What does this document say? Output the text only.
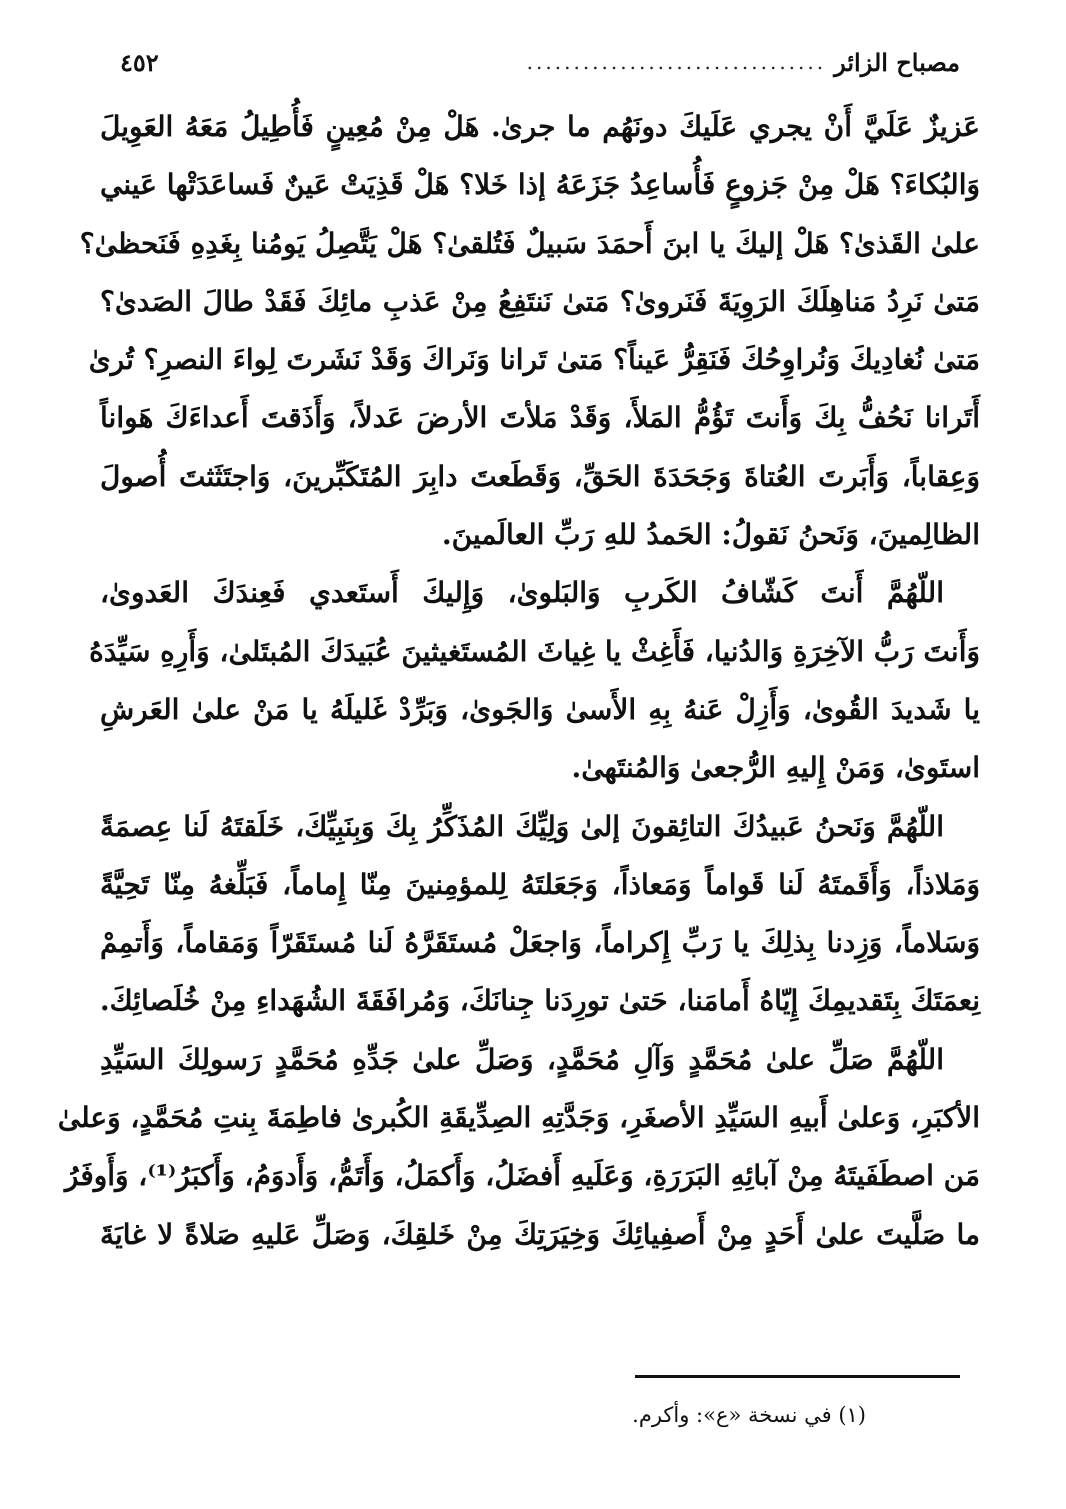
مصباح الزائر
................................
٤٥٢
عَزيزٌ عَلَيَّ أَنْ يجري عَلَيكَ دونَهُم ما جرىٰ. هَلْ مِنْ مُعِينٍ فَأُطِيلُ مَعَهُ العَوِيلَ
وَالبُكاءَ؟ هَلْ مِنْ جَزوعٍ فَأُساعِدُ جَزَعَهُ إذا خَلا؟ هَلْ قَذِيَتْ عَينٌ فَساعَدَتْها عَيني
علىٰ القَذىٰ؟ هَلْ إليكَ يا ابنَ أَحمَدَ سَبيلٌ فَتُلقىٰ؟ هَلْ يَتَّصِلُ يَومُنا بِغَدِهِ فَنَحظىٰ؟
مَتىٰ نَرِدُ مَناهِلَكَ الرَوِيَةَ فَنَروىٰ؟ مَتىٰ نَنتَفِعُ مِنْ عَذبِ مائِكَ فَقَدْ طالَ الصَدىٰ؟
مَتىٰ نُغادِيكَ وَنُراوِحُكَ فَنَقِرُّ عَيناً؟ مَتىٰ تَرانا وَنَراكَ وَقَدْ نَشَرتَ لِواءَ النصرِ؟ تُرىٰ
أَتَرانا نَحُفُّ بِكَ وَأَنتَ تَؤُمُّ المَلأَ، وَقَدْ مَلأتَ الأرضَ عَدلاً، وَأَذَقتَ أَعداءَكَ هَواناً
وَعِقاباً، وَأَبَرتَ العُتاةَ وَجَحَدَةَ الحَقِّ، وَقَطَعتَ دابِرَ المُتَكَبِّرينَ، وَاجتَثَثتَ أُصولَ
الظالِمينَ، وَنَحنُ نَقولُ: الحَمدُ للهِ رَبِّ العالَمينَ.
اللّهُمَّ أَنتَ كَشّافُ الكَربِ وَالبَلوىٰ، وَإِليكَ أَستَعدي فَعِندَكَ العَدوىٰ،
وَأَنتَ رَبُّ الآخِرَةِ وَالدُنيا، فَأَغِثْ يا غِياثَ المُستَغيثينَ عُبَيدَكَ المُبتَلىٰ، وَأَرِهِ سَيِّدَهُ
يا شَديدَ القُوىٰ، وَأَزِلْ عَنهُ بِهِ الأَسىٰ وَالجَوىٰ، وَبَرِّدْ غَليلَهُ يا مَنْ علىٰ العَرشِ
استَوىٰ، وَمَنْ إِليهِ الرُّجعىٰ وَالمُنتَهىٰ.
اللّهُمَّ وَنَحنُ عَبيدُكَ التائِقونَ إلىٰ وَلِيِّكَ المُذَكِّرُ بِكَ وَبِنَبِيِّكَ، خَلَقتَهُ لَنا عِصمَةً
وَمَلاذاً، وَأَقَمتَهُ لَنا قَواماً وَمَعاذاً، وَجَعَلتَهُ لِلمؤمِنينَ مِنّا إِماماً، فَبَلِّغهُ مِنّا تَحِيَّةً
وَسَلاماً، وَزِدنا بِذلِكَ يا رَبِّ إِكراماً، وَاجعَلْ مُستَقَرَّهُ لَنا مُستَقَرّاً وَمَقاماً، وَأَتمِمْ
نِعمَتَكَ بِتَقديمِكَ إِيّاهُ أَمامَنا، حَتىٰ تورِدَنا جِنانَكَ، وَمُرافَقَةَ الشُهَداءِ مِنْ خُلَصائِكَ.
اللّهُمَّ صَلِّ علىٰ مُحَمَّدٍ وَآلِ مُحَمَّدٍ، وَصَلِّ علىٰ جَدِّهِ مُحَمَّدٍ رَسولِكَ السَيِّدِ
الأكبَرِ، وَعلىٰ أَبيهِ السَيِّدِ الأصغَرِ، وَجَدَّتِهِ الصِدِّيقَةِ الكُبرىٰ فاطِمَةَ بِنتِ مُحَمَّدٍ، وَعلىٰ
مَن اصطَفَيتَهُ مِنْ آبائِهِ البَرَرَةِ، وَعَلَيهِ أَفضَلُ، وَأَكمَلُ، وَأَتَمُّ، وَأَدوَمُ، وَأَكبَرُ⁽¹⁾، وَأَوفَرُ
ما صَلَّيتَ علىٰ أَحَدٍ مِنْ أَصفِيائِكَ وَخِيَرَتِكَ مِنْ خَلقِكَ، وَصَلِّ عَليهِ صَلاةً لا غايَةَ
(١) في نسخة «ع»: وأكرم.
